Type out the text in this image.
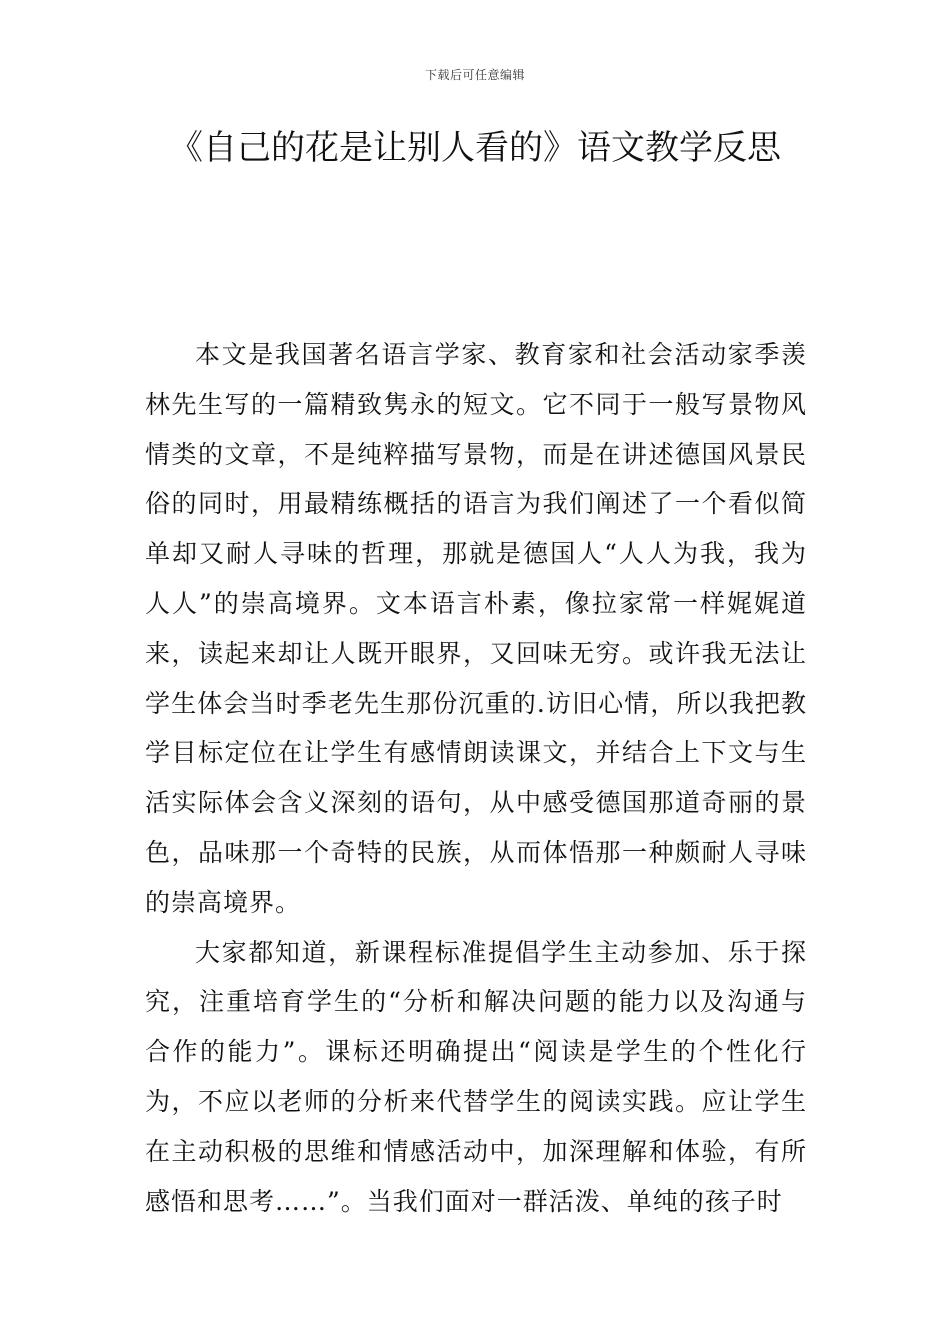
下载后可任意编辑
《自己的花是让别人看的》语文教学反思

本文是我国著名语言学家、教育家和社会活动家季羡林先生写的一篇精致隽永的短文。它不同于一般写景物风情类的文章，不是纯粹描写景物，而是在讲述德国风景民俗的同时，用最精练概括的语言为我们阐述了一个看似简单却又耐人寻味的哲理，那就是德国人“人人为我，我为人人”的崇高境界。文本语言朴素，像拉家常一样娓娓道来，读起来却让人既开眼界，又回味无穷。或许我无法让学生体会当时季老先生那份沉重的.访旧心情，所以我把教学目标定位在让学生有感情朗读课文，并结合上下文与生活实际体会含义深刻的语句，从中感受德国那道奇丽的景色，品味那一个奇特的民族，从而体悟那一种颇耐人寻味的崇高境界。

大家都知道，新课程标准提倡学生主动参加、乐于探究，注重培育学生的“分析和解决问题的能力以及沟通与合作的能力”。课标还明确提出“阅读是学生的个性化行为，不应以老师的分析来代替学生的阅读实践。应让学生在主动积极的思维和情感活动中，加深理解和体验，有所感悟和思考……”。当我们面对一群活泼、单纯的孩子时
